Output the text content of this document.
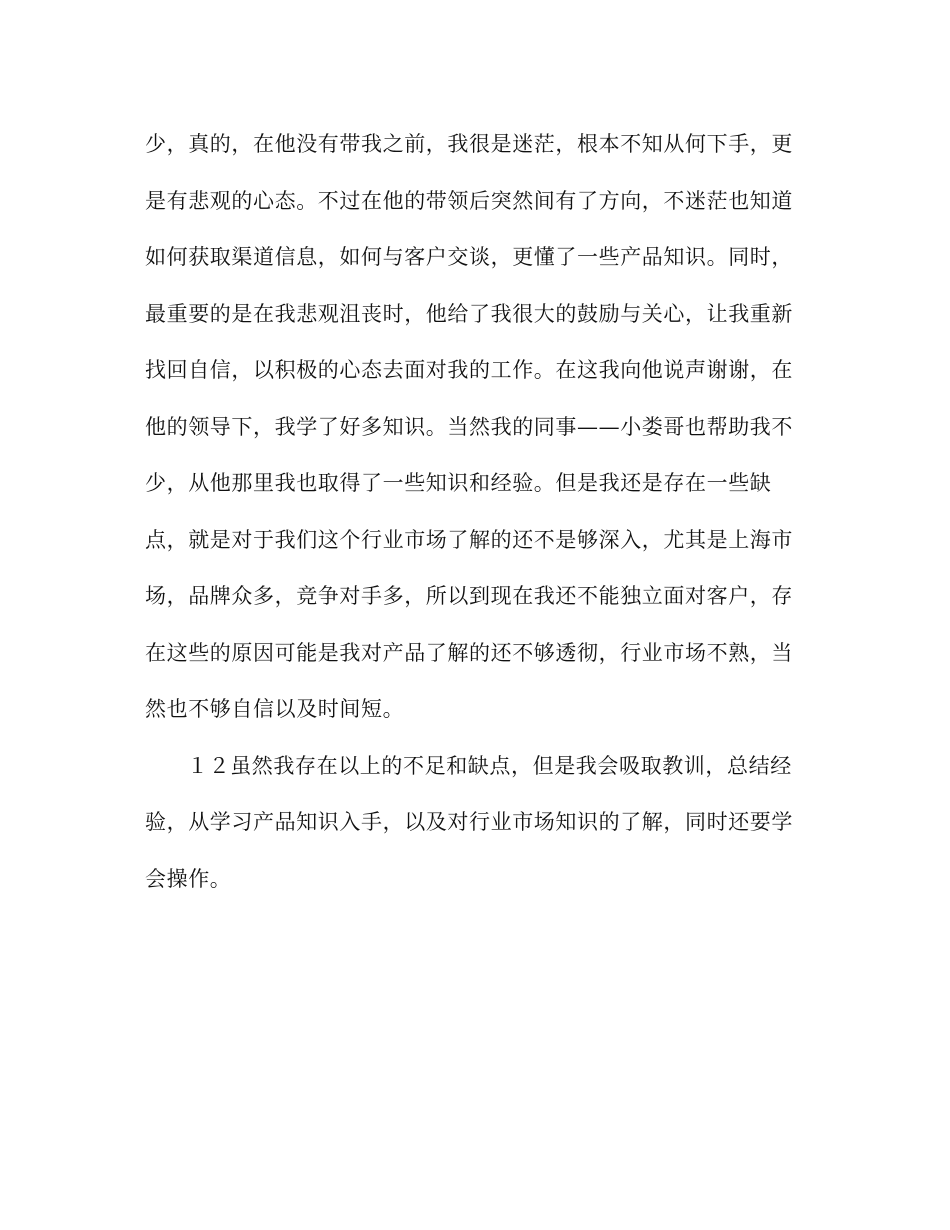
少，真的，在他没有带我之前，我很是迷茫，根本不知从何下手，更
是有悲观的心态。不过在他的带领后突然间有了方向，不迷茫也知道
如何获取渠道信息，如何与客户交谈，更懂了一些产品知识。同时，
最重要的是在我悲观沮丧时，他给了我很大的鼓励与关心，让我重新
找回自信，以积极的心态去面对我的工作。在这我向他说声谢谢，在
他的领导下，我学了好多知识。当然我的同事——小娄哥也帮助我不
少，从他那里我也取得了一些知识和经验。但是我还是存在一些缺
点，就是对于我们这个行业市场了解的还不是够深入，尤其是上海市
场，品牌众多，竞争对手多，所以到现在我还不能独立面对客户，存
在这些的原因可能是我对产品了解的还不够透彻，行业市场不熟，当
然也不够自信以及时间短。
１２虽然我存在以上的不足和缺点，但是我会吸取教训，总结经
验，从学习产品知识入手，以及对行业市场知识的了解，同时还要学
会操作。
